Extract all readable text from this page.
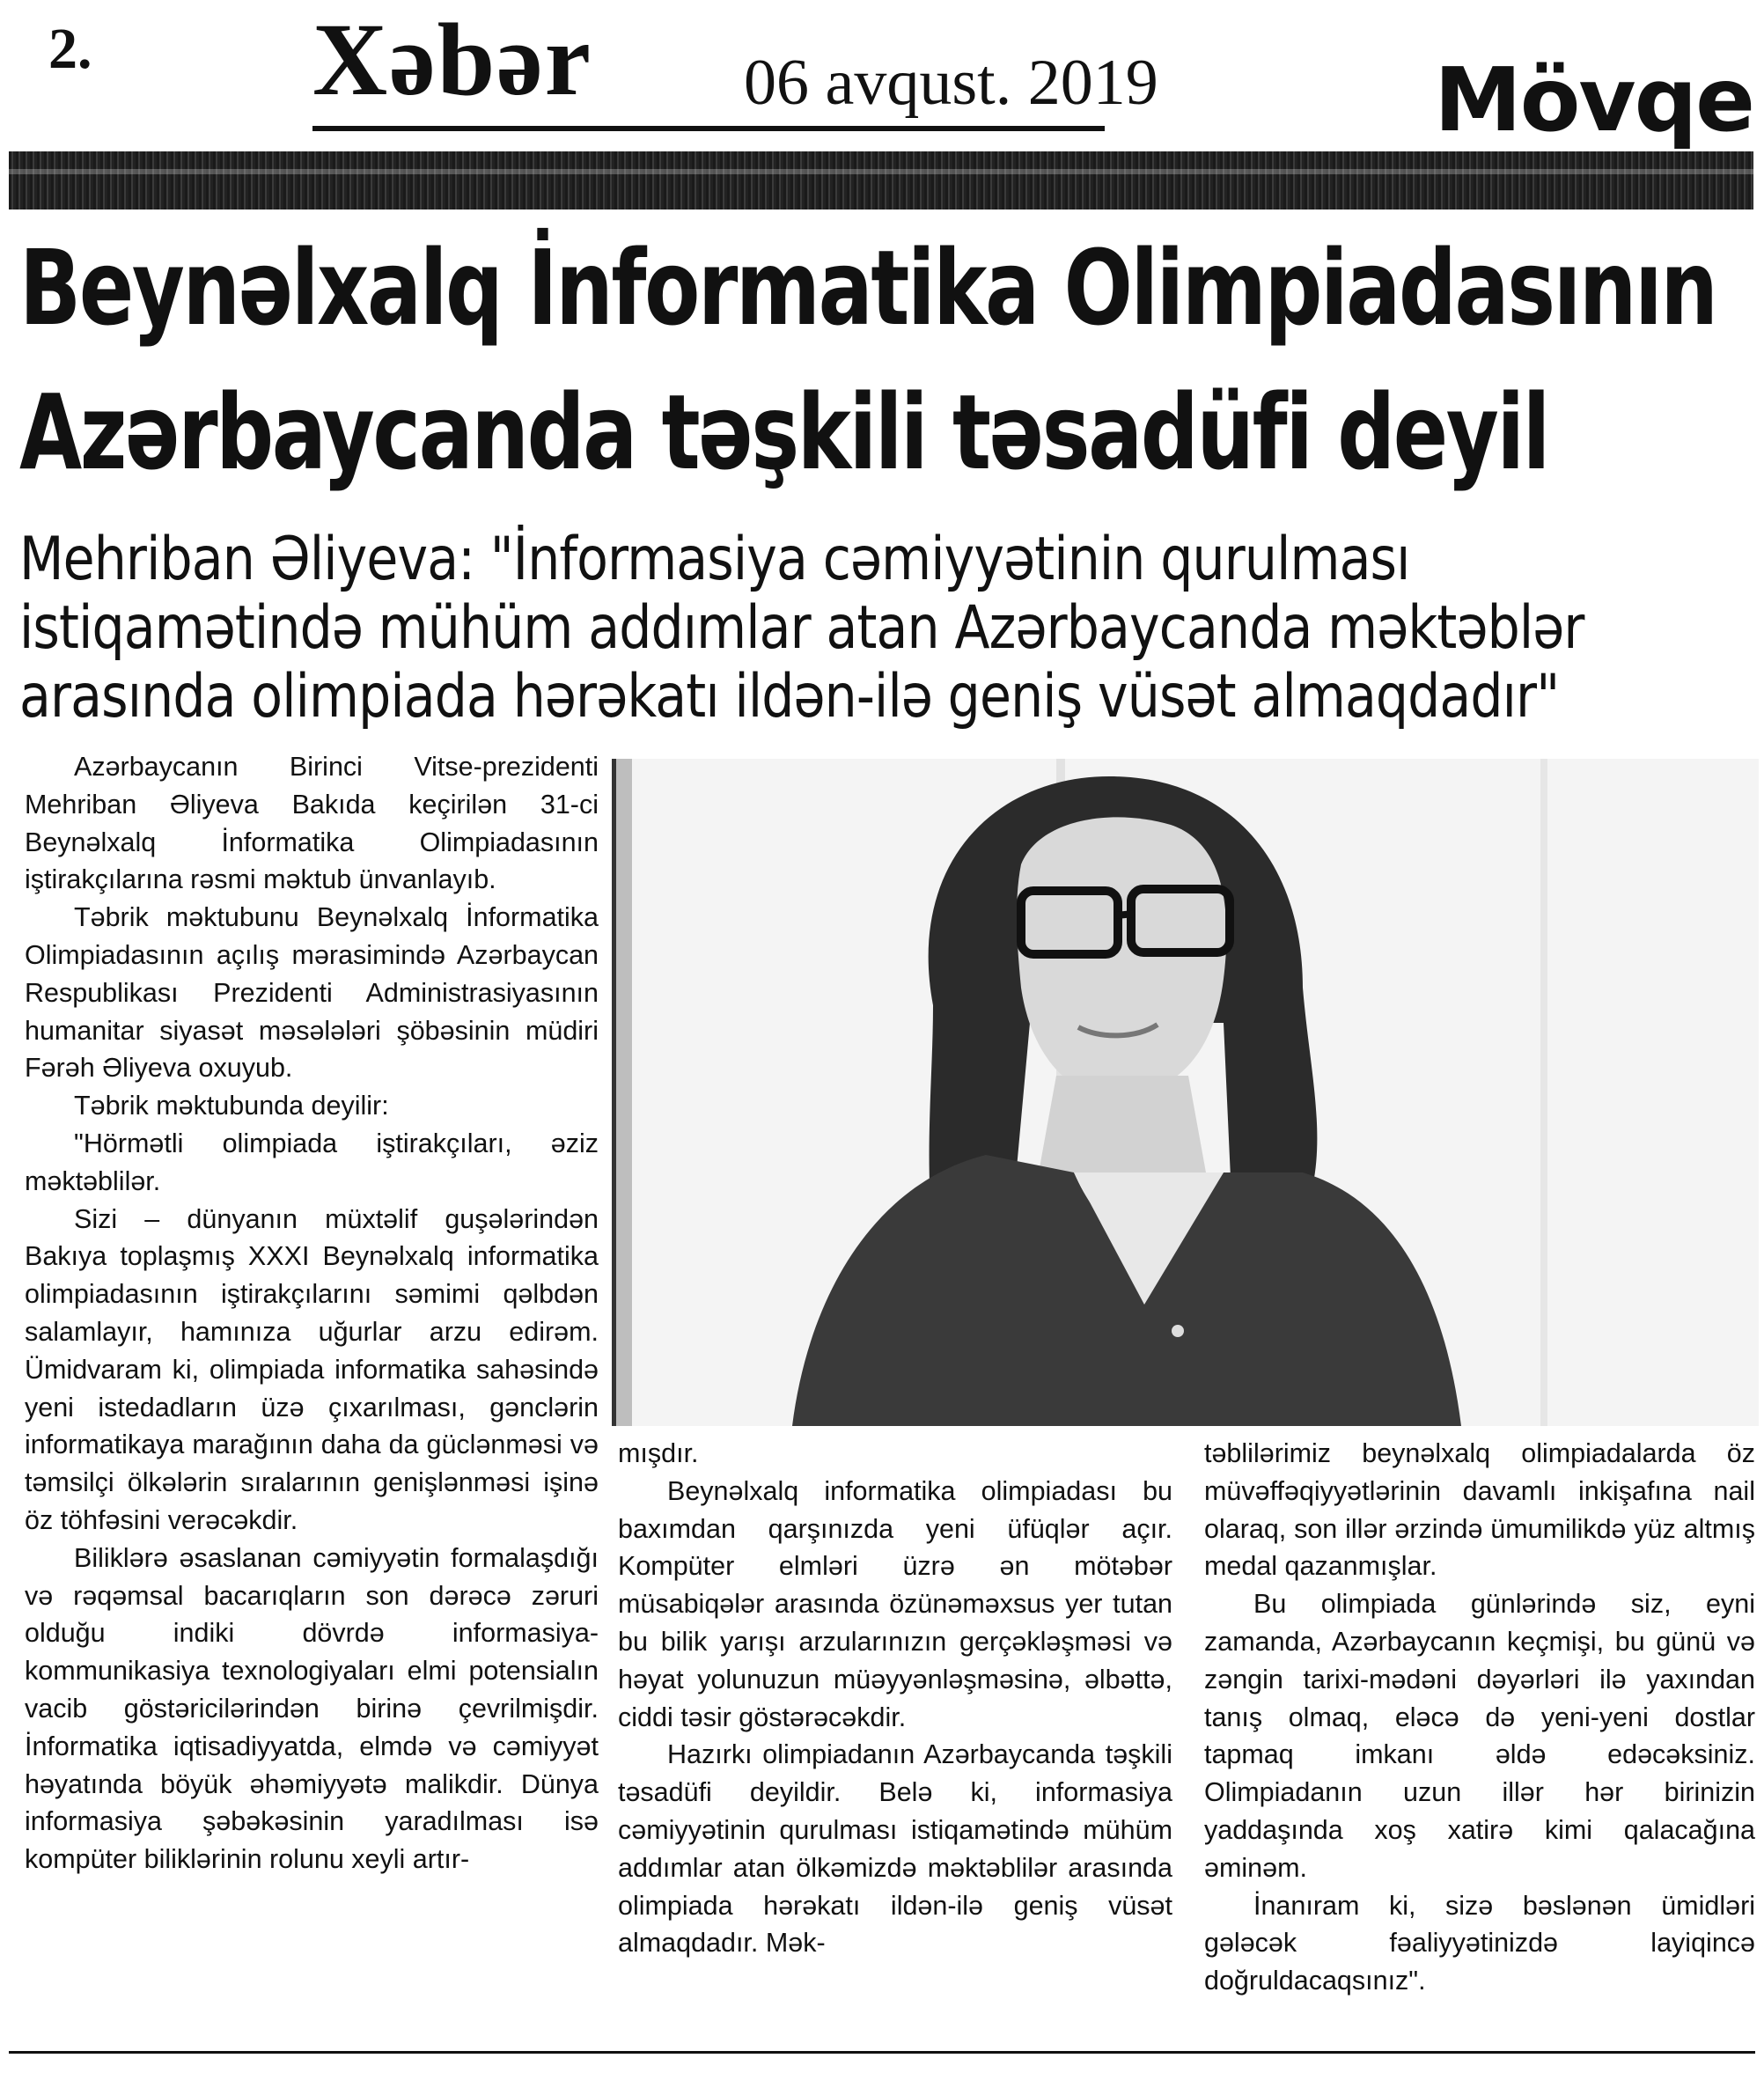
2. Xəbər 06 avqust. 2019	Mövqe
Beynəlxalq İnformatika Olimpiadasının
Azərbaycanda təşkili təsadüfi deyil
Mehriban Əliyeva: "İnformasiya cəmiyyətinin qurulması
istiqamətində mühüm addımlar atan Azərbaycanda məktəblər
arasında olimpiada hərəkatı ildən-ilə geniş vüsət almaqdadır"

Azərbaycanın Birinci Vitse-prezidenti Mehriban Əliyeva Bakıda keçirilən 31-ci Beynəlxalq İnformatika Olimpiadasının iştirakçılarına rəsmi məktub ünvanlayıb.

Təbrik məktubunu Beynəlxalq İnformatika Olimpiadasının açılış mərasimində Azərbaycan Respublikası Prezidenti Administrasiyasının humanitar siyasət məsələləri şöbəsinin müdiri Fərəh Əliyeva oxuyub.

Təbrik məktubunda deyilir:

"Hörmətli olimpiada iştirakçıları, əziz məktəblilər.

Sizi – dünyanın müxtəlif guşələrindən Bakıya toplaşmış XXXI Beynəlxalq informatika olimpiadasının iştirakçılarını səmimi qəlbdən salamlayır, hamınıza uğurlar arzu edirəm. Ümidvaram ki, olimpiada informatika sahəsində yeni istedadların üzə çıxarılması, gənclərin informatikaya marağının daha da güclənməsi və təmsilçi ölkələrin sıralarının genişlənməsi işinə öz töhfəsini verəcəkdir.

Biliklərə əsaslanan cəmiyyətin formalaşdığı və rəqəmsal bacarıqların son dərəcə zəruri olduğu indiki dövrdə informasiya-kommunikasiya texnologiyaları elmi potensialın vacib göstəricilərindən birinə çevrilmişdir. İnformatika iqtisadiyyatda, elmdə və cəmiyyət həyatında böyük əhəmiyyətə malikdir. Dünya informasiya şəbəkəsinin yaradılması isə kompüter biliklərinin rolunu xeyli artır-

mışdır.

Beynəlxalq informatika olimpiadası bu baxımdan qarşınızda yeni üfüqlər açır. Kompüter elmləri üzrə ən mötəbər müsabiqələr arasında özünəməxsus yer tutan bu bilik yarışı arzularınızın gerçəkləşməsi və həyat yolunuzun müəyyənləşməsinə, əlbəttə, ciddi təsir göstərəcəkdir.

Hazırkı olimpiadanın Azərbaycanda təşkili təsadüfi deyildir. Belə ki, informasiya cəmiyyətinin qurulması istiqamətində mühüm addımlar atan ölkəmizdə məktəblilər arasında olimpiada hərəkatı ildən-ilə geniş vüsət almaqdadır. Mək-

təblilərimiz beynəlxalq olimpiadalarda öz müvəffəqiyyətlərinin davamlı inkişafına nail olaraq, son illər ərzində ümumilikdə yüz altmış medal qazanmışlar.

Bu olimpiada günlərində siz, eyni zamanda, Azərbaycanın keçmişi, bu günü və zəngin tarixi-mədəni dəyərləri ilə yaxından tanış olmaq, eləcə də yeni-yeni dostlar tapmaq imkanı əldə edəcəksiniz. Olimpiadanın uzun illər hər birinizin yaddaşında xoş xatirə kimi qalacağına əminəm.

İnanıram ki, sizə bəslənən ümidləri gələcək fəaliyyətinizdə layiqincə doğruldacaqsınız".
